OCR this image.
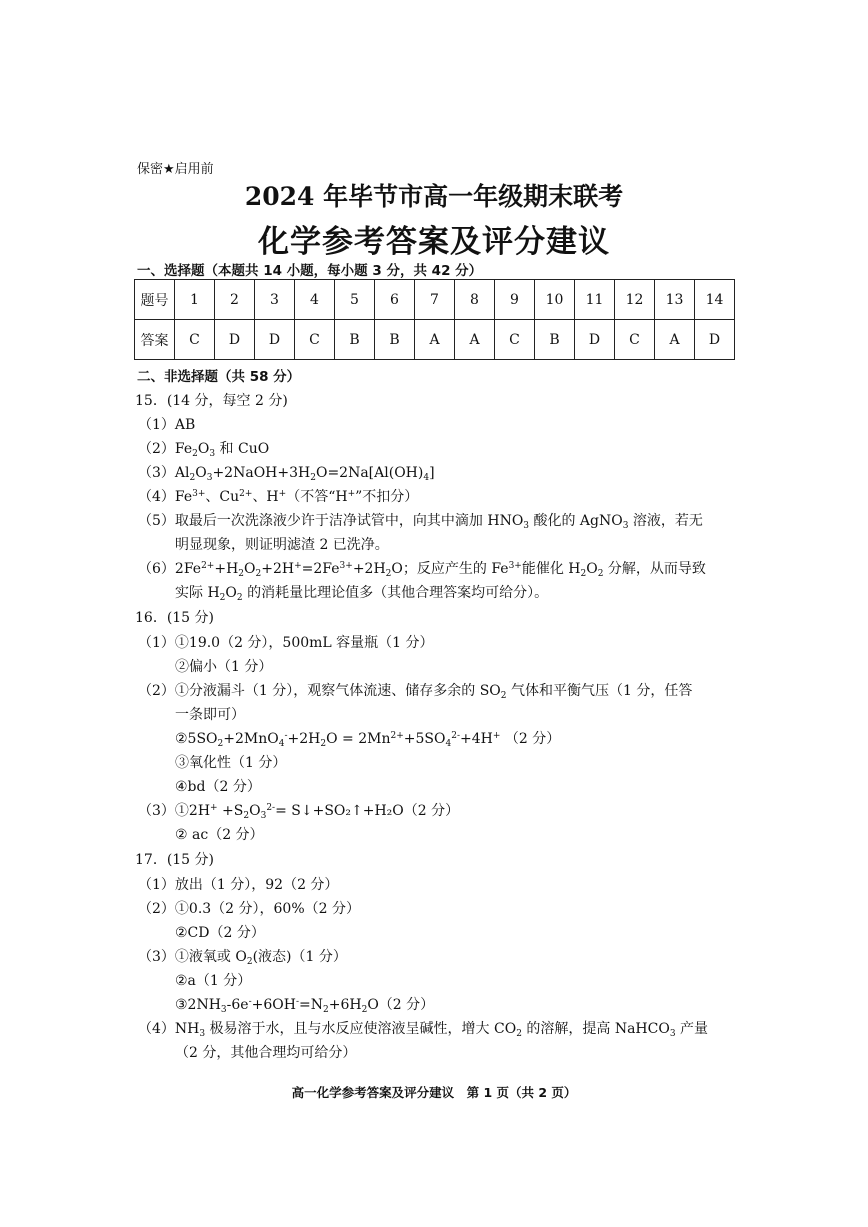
保密★启用前
2024 年毕节市高一年级期末联考
化学参考答案及评分建议
一、选择题（本题共 14 小题，每小题 3 分，共 42 分）
题号	1	2	3	4	5	6	7	8	9	10	11	12	13	14
答案	C	D	D	C	B	B	A	A	C	B	D	C	A	D
二、非选择题（共 58 分）
15．(14 分，每空 2 分)
（1）AB
$(2)Fe_2O_3$ 和 CuO
$(3)Al_2O_3+2NaOH+3H_2O=2Na[Al(OH)_4]$
$(4)Fe^{3+}$、$Cu^{2+}$、H+（不答“H+”不扣分）
（5）取最后一次洗涤液少许于洁净试管中，向其中滴加 $HNO_3$ 酸化的 AgNO$_3$ 溶液，若无
明显现象，则证明滤渣 2 已洗净。
$(6)2Fe^{2+}+H_2O_2+2H^+=2Fe^{3+}+2H_2O$；反应产生的 $Fe^{3+}$能催化 $H_2O_2$ 分解，从而导致
实际 $H_2O_2$ 的消耗量比理论值多（其他合理答案均可给分）。
16．(15 分)
（1）①19.0（2 分），500mL 容量瓶（1 分）
②偏小（1 分）
（2）①分液漏斗（1 分），观察气体流速、储存多余的 $SO_2$ 气体和平衡气压（1 分，任答
一条即可）
$②5SO_2+2MnO_4^-+2H_2O = 2Mn^{2+}+5SO_4^{2-}+4H^+$ （2 分）
③氧化性（1 分）
④bd（2 分）
（3）①2H+ $+S_2O_3^{2-}=$ S↓+SO₂↑+H₂O（2 分）
② ac（2 分）
17．(15 分)
（1）放出（1 分），92（2 分）
（2）①0.3（2 分），60%（2 分）
②CD（2 分）
（3）①液氧或 $O_2$(液态)（1 分）
②a（1 分）
$③2NH_3-6e^-+6OH^-=N_2+6H_2O(2$ 分）
$(4)NH_3$ 极易溶于水，且与水反应使溶液呈碱性，增大 $CO_2$ 的溶解，提高 NaHCO$_3$ 产量
（2 分，其他合理均可给分）
高一化学参考答案及评分建议　第 1 页（共 2 页）
